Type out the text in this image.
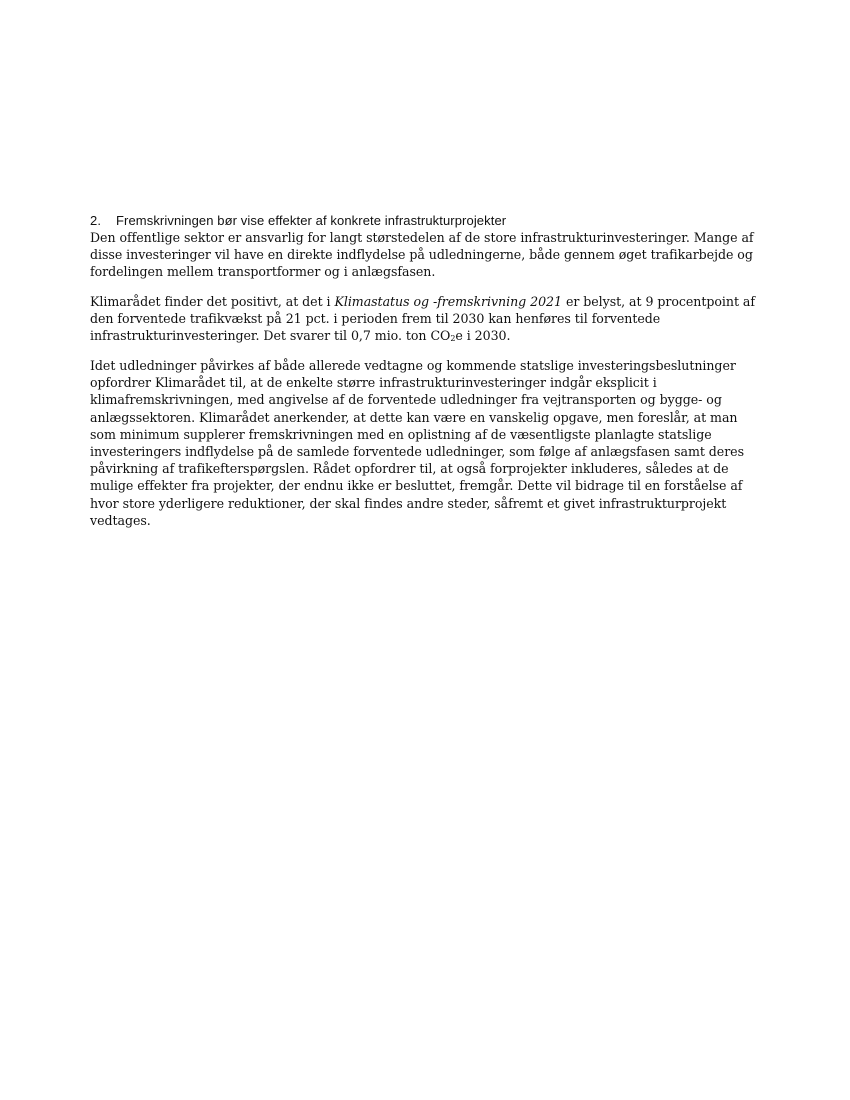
2. Fremskrivningen bør vise effekter af konkrete infrastrukturprojekter

Den offentlige sektor er ansvarlig for langt størstedelen af de store infrastrukturinvesteringer. Mange af disse investeringer vil have en direkte indflydelse på udledningerne, både gennem øget trafikarbejde og fordelingen mellem transportformer og i anlægsfasen.

Klimarådet finder det positivt, at det i Klimastatus og -fremskrivning 2021 er belyst, at 9 procentpoint af den forventede trafikvækst på 21 pct. i perioden frem til 2030 kan henføres til forventede infrastrukturinvesteringer. Det svarer til 0,7 mio. ton $CO_2e$ i 2030.

Idet udledninger påvirkes af både allerede vedtagne og kommende statslige investeringsbeslutninger opfordrer Klimarådet til, at de enkelte større infrastrukturinvesteringer indgår eksplicit i klimafremskrivningen, med angivelse af de forventede udledninger fra vejtransporten og bygge- og anlægssektoren. Klimarådet anerkender, at dette kan være en vanskelig opgave, men foreslår, at man som minimum supplerer fremskrivningen med en oplistning af de væsentligste planlagte statslige investeringers indflydelse på de samlede forventede udledninger, som følge af anlægsfasen samt deres påvirkning af trafikefterspørgslen. Rådet opfordrer til, at også forprojekter inkluderes, således at de mulige effekter fra projekter, der endnu ikke er besluttet, fremgår. Dette vil bidrage til en forståelse af hvor store yderligere reduktioner, der skal findes andre steder, såfremt et givet infrastrukturprojekt vedtages.
